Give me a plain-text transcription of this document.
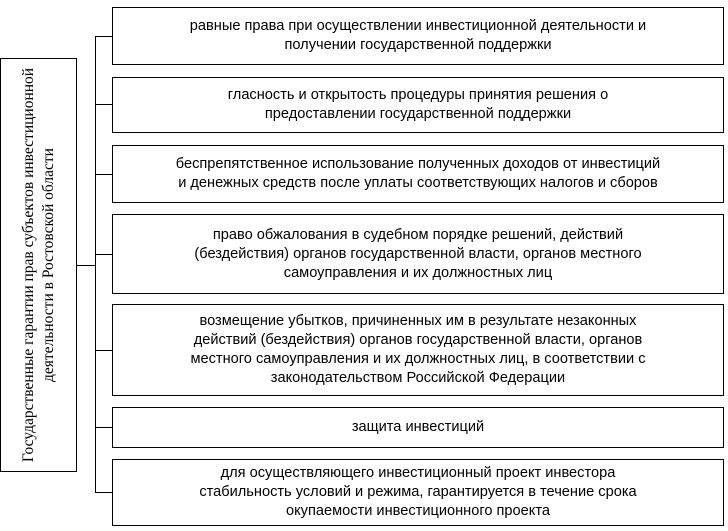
Государственные гарантии прав субъектов инвестиционной деятельности в Ростовской области
равные права при осуществлении инвестиционной деятельности и
получении государственной поддержки
гласность и открытость процедуры принятия решения о
предоставлении государственной поддержки
беспрепятственное использование полученных доходов от инвестиций
и денежных средств после уплаты соответствующих налогов и сборов
право обжалования в судебном порядке решений, действий
(бездействия) органов государственной власти, органов местного
самоуправления и их должностных лиц
возмещение убытков, причиненных им в результате незаконных
действий (бездействия) органов государственной власти, органов
местного самоуправления и их должностных лиц, в соответствии с
законодательством Российской Федерации
защита инвестиций
для осуществляющего инвестиционный проект инвестора
стабильность условий и режима, гарантируется в течение срока
окупаемости инвестиционного проекта
